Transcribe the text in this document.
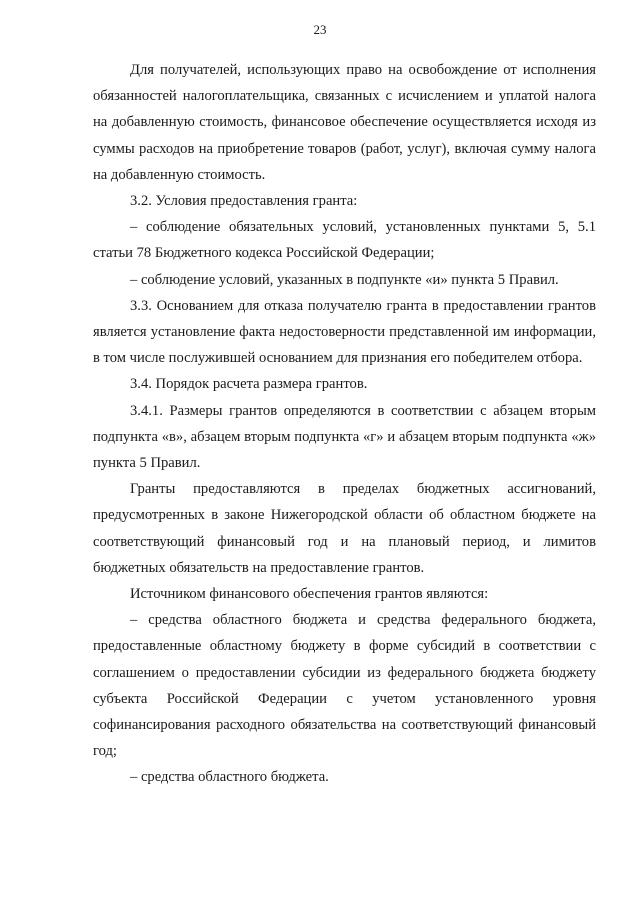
23

Для получателей, использующих право на освобождение от исполнения обязанностей налогоплательщика, связанных с исчислением и уплатой налога на добавленную стоимость, финансовое обеспечение осуществляется исходя из суммы расходов на приобретение товаров (работ, услуг), включая сумму налога на добавленную стоимость.

3.2. Условия предоставления гранта:

– соблюдение обязательных условий, установленных пунктами 5, 5.1 статьи 78 Бюджетного кодекса Российской Федерации;

– соблюдение условий, указанных в подпункте «и» пункта 5 Правил.

3.3. Основанием для отказа получателю гранта в предоставлении грантов является установление факта недостоверности представленной им информации, в том числе послужившей основанием для признания его победителем отбора.

3.4. Порядок расчета размера грантов.

3.4.1. Размеры грантов определяются в соответствии с абзацем вторым подпункта «в», абзацем вторым подпункта «г» и абзацем вторым подпункта «ж» пункта 5 Правил.

Гранты предоставляются в пределах бюджетных ассигнований, предусмотренных в законе Нижегородской области об областном бюджете на соответствующий финансовый год и на плановый период, и лимитов бюджетных обязательств на предоставление грантов.

Источником финансового обеспечения грантов являются:

– средства областного бюджета и средства федерального бюджета, предоставленные областному бюджету в форме субсидий в соответствии с соглашением о предоставлении субсидии из федерального бюджета бюджету субъекта Российской Федерации с учетом установленного уровня софинансирования расходного обязательства на соответствующий финансовый год;

– средства областного бюджета.
